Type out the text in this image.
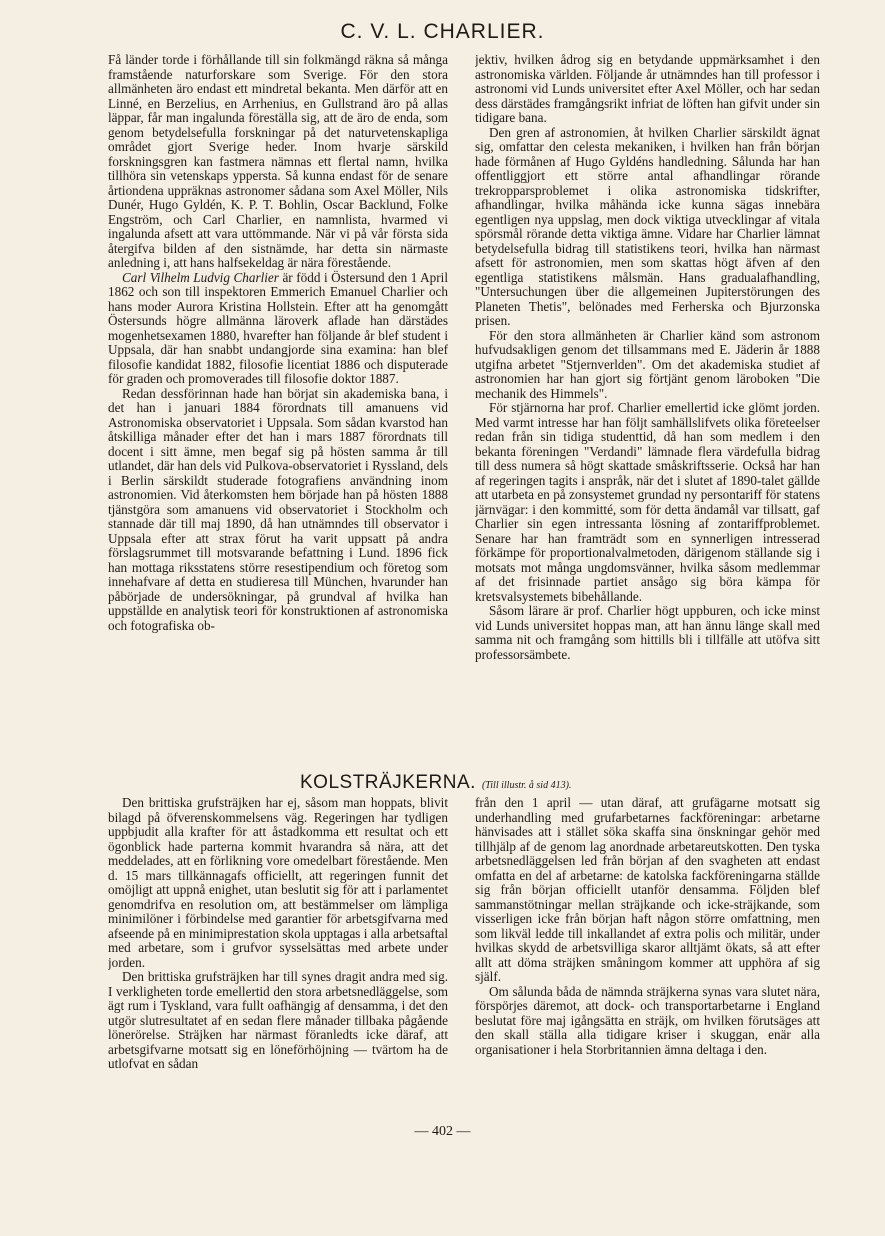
C. V. L. CHARLIER.

Få länder torde i förhållande till sin folkmängd räkna så många framstående naturforskare som Sverige. För den stora allmänheten äro endast ett mindretal bekanta. Men därför att en Linné, en Berzelius, en Arrhenius, en Gullstrand äro på allas läppar, får man ingalunda föreställa sig, att de äro de enda, som genom betydelsefulla forskningar på det naturvetenskapliga området gjort Sverige heder. Inom hvarje särskild forskningsgren kan fastmera nämnas ett flertal namn, hvilka tillhöra sin vetenskaps yppersta. Så kunna endast för de senare årtiondena uppräknas astronomer sådana som Axel Möller, Nils Dunér, Hugo Gyldén, K. P. T. Bohlin, Oscar Backlund, Folke Engström, och Carl Charlier, en namnlista, hvarmed vi ingalunda afsett att vara uttömmande. När vi på vår första sida återgifva bilden af den sistnämde, har detta sin närmaste anledning i, att hans halfsekeldag är nära förestående.

Carl Vilhelm Ludvig Charlier är född i Östersund den 1 April 1862 och son till inspektoren Emmerich Emanuel Charlier och hans moder Aurora Kristina Hollstein. Efter att ha genomgått Östersunds högre allmänna läroverk aflade han därstädes mogenhetsexamen 1880, hvarefter han följande år blef student i Uppsala, där han snabbt undangjorde sina examina: han blef filosofie kandidat 1882, filosofie licentiat 1886 och disputerade för graden och promoverades till filosofie doktor 1887.

Redan dessförinnan hade han börjat sin akademiska bana, i det han i januari 1884 förordnats till amanuens vid Astronomiska observatoriet i Uppsala. Som sådan kvarstod han åtskilliga månader efter det han i mars 1887 förordnats till docent i sitt ämne, men begaf sig på hösten samma år till utlandet, där han dels vid Pulkova-observatoriet i Ryssland, dels i Berlin särskildt studerade fotografiens användning inom astronomien. Vid återkomsten hem började han på hösten 1888 tjänstgöra som amanuens vid observatoriet i Stockholm och stannade där till maj 1890, då han utnämndes till observator i Uppsala efter att strax förut ha varit uppsatt på andra förslagsrummet till motsvarande befattning i Lund. 1896 fick han mottaga riksstatens större resestipendium och företog som innehafvare af detta en studieresa till München, hvarunder han påbörjade de undersökningar, på grundval af hvilka han uppställde en analytisk teori för konstruktionen af astronomiska och fotografiska ob-

jektiv, hvilken ådrog sig en betydande uppmärksamhet i den astronomiska världen. Följande år utnämndes han till professor i astronomi vid Lunds universitet efter Axel Möller, och har sedan dess därstädes framgångsrikt infriat de löften han gifvit under sin tidigare bana.

Den gren af astronomien, åt hvilken Charlier särskildt ägnat sig, omfattar den celesta mekaniken, i hvilken han från början hade förmånen af Hugo Gyldéns handledning. Sålunda har han offentliggjort ett större antal afhandlingar rörande trekropparsproblemet i olika astronomiska tidskrifter, afhandlingar, hvilka måhända icke kunna sägas innebära egentligen nya uppslag, men dock viktiga utvecklingar af vitala spörsmål rörande detta viktiga ämne. Vidare har Charlier lämnat betydelsefulla bidrag till statistikens teori, hvilka han närmast afsett för astronomien, men som skattas högt äfven af den egentliga statistikens målsmän. Hans gradualafhandling, "Untersuchungen über die allgemeinen Jupiterstörungen des Planeten Thetis", belönades med Ferherska och Bjurzonska prisen.

För den stora allmänheten är Charlier känd som astronom hufvudsakligen genom det tillsammans med E. Jäderin år 1888 utgifna arbetet "Stjernverlden". Om det akademiska studiet af astronomien har han gjort sig förtjänt genom läroboken "Die mechanik des Himmels".

För stjärnorna har prof. Charlier emellertid icke glömt jorden. Med varmt intresse har han följt samhällslifvets olika företeelser redan från sin tidiga studenttid, då han som medlem i den bekanta föreningen "Verdandi" lämnade flera värdefulla bidrag till dess numera så högt skattade småskriftsserie. Också har han af regeringen tagits i anspråk, när det i slutet af 1890-talet gällde att utarbeta en på zonsystemet grundad ny persontariff för statens järnvägar: i den kommitté, som för detta ändamål var tillsatt, gaf Charlier sin egen intressanta lösning af zontariffproblemet. Senare har han framträdt som en synnerligen intresserad förkämpe för proportionalvalmetoden, därigenom ställande sig i motsats mot många ungdomsvänner, hvilka såsom medlemmar af det frisinnade partiet ansågo sig böra kämpa för kretsvalsystemets bibehållande.

Såsom lärare är prof. Charlier högt uppburen, och icke minst vid Lunds universitet hoppas man, att han ännu länge skall med samma nit och framgång som hittills bli i tillfälle att utöfva sitt professorsämbete.

KOLSTRÄJKERNA. (Till illustr. å sid 413).

Den brittiska grufsträjken har ej, såsom man hoppats, blivit bilagd på öfverenskommelsens väg. Regeringen har tydligen uppbjudit alla krafter för att åstadkomma ett resultat och ett ögonblick hade parterna kommit hvarandra så nära, att det meddelades, att en förlikning vore omedelbart förestående. Men d. 15 mars tillkännagafs officiellt, att regeringen funnit det omöjligt att uppnå enighet, utan beslutit sig för att i parlamentet genomdrifva en resolution om, att bestämmelser om lämpliga minimilöner i förbindelse med garantier för arbetsgifvarna med afseende på en minimiprestation skola upptagas i alla arbetsaftal med arbetare, som i grufvor sysselsättas med arbete under jorden.

Den brittiska grufsträjken har till synes dragit andra med sig. I verkligheten torde emellertid den stora arbetsnedläggelse, som ägt rum i Tyskland, vara fullt oafhängig af densamma, i det den utgör slutresultatet af en sedan flere månader tillbaka pågående lönerörelse. Sträjken har närmast föranledts icke däraf, att arbetsgifvarne motsatt sig en löneförhöjning — tvärtom ha de utlofvat en sådan

från den 1 april — utan däraf, att grufägarne motsatt sig underhandling med grufarbetarnes fackföreningar: arbetarne hänvisades att i stället söka skaffa sina önskningar gehör med tillhjälp af de genom lag anordnade arbetareutskotten. Den tyska arbetsnedläggelsen led från början af den svagheten att endast omfatta en del af arbetarne: de katolska fackföreningarna ställde sig från början officiellt utanför densamma. Följden blef sammanstötningar mellan sträjkande och icke-sträjkande, som visserligen icke från början haft någon större omfattning, men som likväl ledde till inkallandet af extra polis och militär, under hvilkas skydd de arbetsvilliga skaror alltjämt ökats, så att efter allt att döma sträjken småningom kommer att upphöra af sig själf.

Om sålunda båda de nämnda sträjkerna synas vara slutet nära, förspörjes däremot, att dock- och transportarbetarne i England beslutat före maj igångsätta en sträjk, om hvilken förutsäges att den skall ställa alla tidigare kriser i skuggan, enär alla organisationer i hela Storbritannien ämna deltaga i den.

— 402 —
